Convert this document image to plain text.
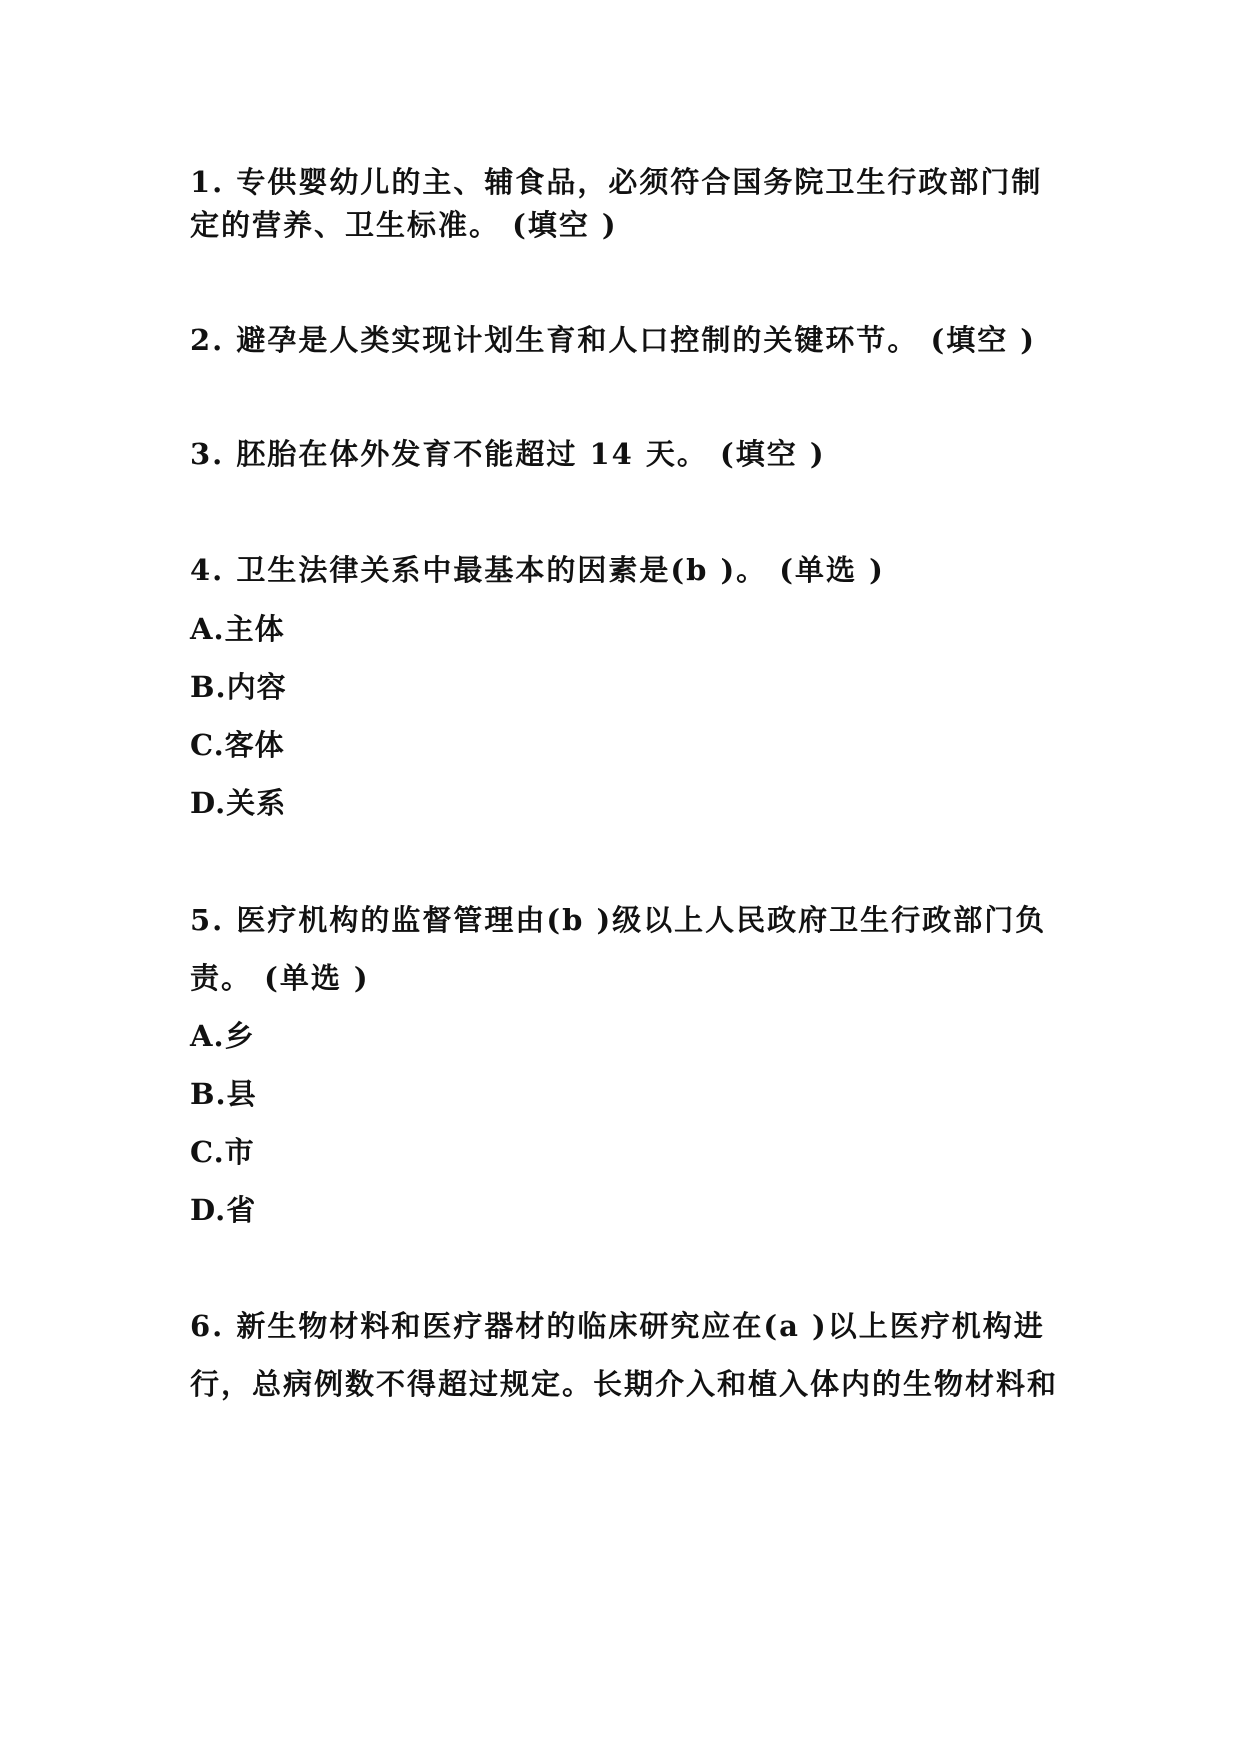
1. 专供婴幼儿的主、辅食品，必须符合国务院卫生行政部门制
定的营养、卫生标准。 (填空 )
2. 避孕是人类实现计划生育和人口控制的关键环节。 (填空 )
3. 胚胎在体外发育不能超过 14 天。 (填空 )
4. 卫生法律关系中最基本的因素是(b )。 (单选 )
A.主体
B.内容
C.客体
D.关系
5. 医疗机构的监督管理由(b )级以上人民政府卫生行政部门负
责。 (单选 )
A.乡
B.县
C.市
D.省
6. 新生物材料和医疗器材的临床研究应在(a )以上医疗机构进
行，总病例数不得超过规定。长期介入和植入体内的生物材料和
